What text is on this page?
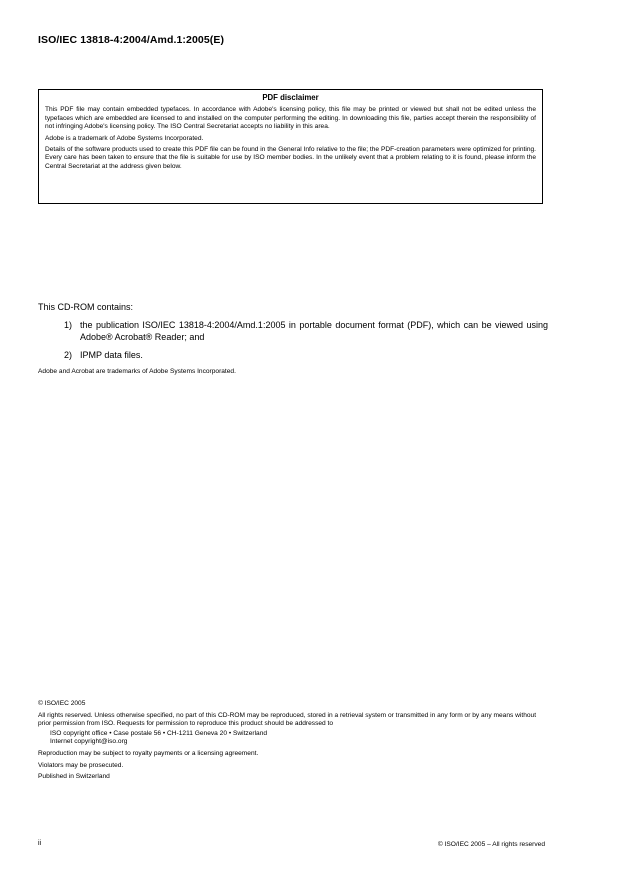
ISO/IEC 13818-4:2004/Amd.1:2005(E)
PDF disclaimer

This PDF file may contain embedded typefaces. In accordance with Adobe's licensing policy, this file may be printed or viewed but shall not be edited unless the typefaces which are embedded are licensed to and installed on the computer performing the editing. In downloading this file, parties accept therein the responsibility of not infringing Adobe's licensing policy. The ISO Central Secretariat accepts no liability in this area.

Adobe is a trademark of Adobe Systems Incorporated.

Details of the software products used to create this PDF file can be found in the General Info relative to the file; the PDF-creation parameters were optimized for printing. Every care has been taken to ensure that the file is suitable for use by ISO member bodies. In the unlikely event that a problem relating to it is found, please inform the Central Secretariat at the address given below.

This CD-ROM contains:

1) the publication ISO/IEC 13818-4:2004/Amd.1:2005 in portable document format (PDF), which can be viewed using Adobe® Acrobat® Reader; and
2) IPMP data files.
Adobe and Acrobat are trademarks of Adobe Systems Incorporated.

© ISO/IEC 2005

All rights reserved. Unless otherwise specified, no part of this CD-ROM may be reproduced, stored in a retrieval system or transmitted in any form or by any means without prior permission from ISO. Requests for permission to reproduce this product should be addressed to

ISO copyright office • Case postale 56 • CH-1211 Geneva 20 • Switzerland

Internet copyright@iso.org

Reproduction may be subject to royalty payments or a licensing agreement.

Violators may be prosecuted.

Published in Switzerland

ii	© ISO/IEC 2005 – All rights reserved
